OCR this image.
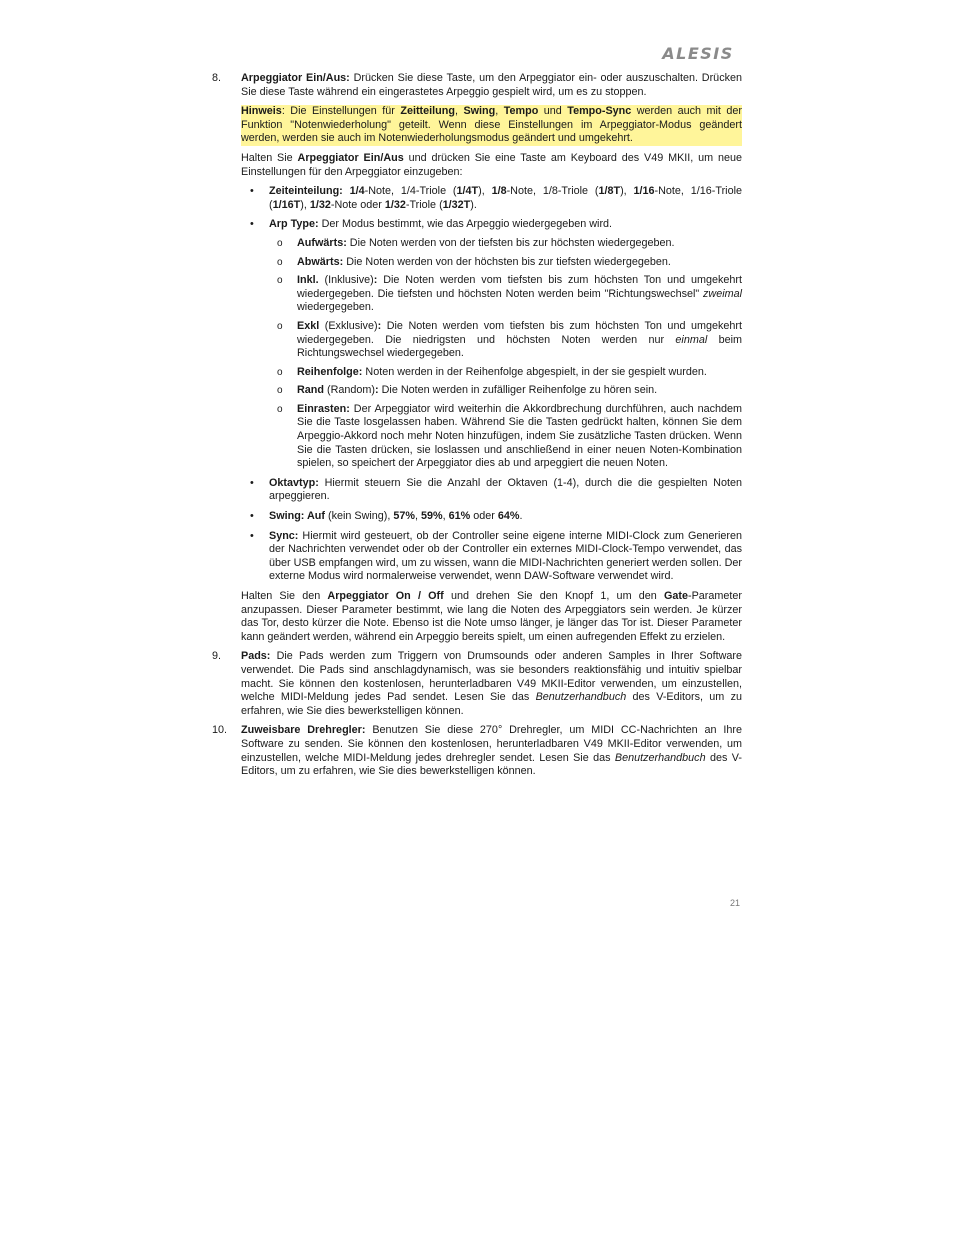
ALESIS
8. Arpeggiator Ein/Aus: Drücken Sie diese Taste, um den Arpeggiator ein- oder auszuschalten. Drücken Sie diese Taste während ein eingerastetes Arpeggio gespielt wird, um es zu stoppen.

Hinweis: Die Einstellungen für Zeitteilung, Swing, Tempo und Tempo-Sync werden auch mit der Funktion "Notenwiederholung" geteilt. Wenn diese Einstellungen im Arpeggiator-Modus geändert werden, werden sie auch im Notenwiederholungsmodus geändert und umgekehrt.

Halten Sie Arpeggiator Ein/Aus und drücken Sie eine Taste am Keyboard des V49 MKII, um neue Einstellungen für den Arpeggiator einzugeben:

• Zeiteinteilung: 1/4-Note, 1/4-Triole (1/4T), 1/8-Note, 1/8-Triole (1/8T), 1/16-Note, 1/16-Triole (1/16T), 1/32-Note oder 1/32-Triole (1/32T).
• Arp Type: Der Modus bestimmt, wie das Arpeggio wiedergegeben wird.
o Aufwärts: Die Noten werden von der tiefsten bis zur höchsten wiedergegeben.
o Abwärts: Die Noten werden von der höchsten bis zur tiefsten wiedergegeben.
o Inkl. (Inklusive): Die Noten werden vom tiefsten bis zum höchsten Ton und umgekehrt wiedergegeben. Die tiefsten und höchsten Noten werden beim "Richtungswechsel" zweimal wiedergegeben.
o Exkl (Exklusive): Die Noten werden vom tiefsten bis zum höchsten Ton und umgekehrt wiedergegeben. Die niedrigsten und höchsten Noten werden nur einmal beim Richtungswechsel wiedergegeben.
o Reihenfolge: Noten werden in der Reihenfolge abgespielt, in der sie gespielt wurden.
o Rand (Random): Die Noten werden in zufälliger Reihenfolge zu hören sein.
o Einrasten: Der Arpeggiator wird weiterhin die Akkordbrechung durchführen, auch nachdem Sie die Taste losgelassen haben. Während Sie die Tasten gedrückt halten, können Sie dem Arpeggio-Akkord noch mehr Noten hinzufügen, indem Sie zusätzliche Tasten drücken. Wenn Sie die Tasten drücken, sie loslassen und anschließend in einer neuen Noten-Kombination spielen, so speichert der Arpeggiator dies ab und arpeggiert die neuen Noten.
• Oktavtyp: Hiermit steuern Sie die Anzahl der Oktaven (1-4), durch die die gespielten Noten arpeggieren.
• Swing: Auf (kein Swing), 57%, 59%, 61% oder 64%.
• Sync: Hiermit wird gesteuert, ob der Controller seine eigene interne MIDI-Clock zum Generieren der Nachrichten verwendet oder ob der Controller ein externes MIDI-Clock-Tempo verwendet, das über USB empfangen wird, um zu wissen, wann die MIDI-Nachrichten generiert werden sollen. Der externe Modus wird normalerweise verwendet, wenn DAW-Software verwendet wird.

Halten Sie den Arpeggiator On / Off und drehen Sie den Knopf 1, um den Gate-Parameter anzupassen. Dieser Parameter bestimmt, wie lang die Noten des Arpeggiators sein werden. Je kürzer das Tor, desto kürzer die Note. Ebenso ist die Note umso länger, je länger das Tor ist. Dieser Parameter kann geändert werden, während ein Arpeggio bereits spielt, um einen aufregenden Effekt zu erzielen.

9. Pads: Die Pads werden zum Triggern von Drumsounds oder anderen Samples in Ihrer Software verwendet. Die Pads sind anschlagdynamisch, was sie besonders reaktionsfähig und intuitiv spielbar macht. Sie können den kostenlosen, herunterladbaren V49 MKII-Editor verwenden, um einzustellen, welche MIDI-Meldung jedes Pad sendet. Lesen Sie das Benutzerhandbuch des V-Editors, um zu erfahren, wie Sie dies bewerkstelligen können.

10. Zuweisbare Drehregler: Benutzen Sie diese 270° Drehregler, um MIDI CC-Nachrichten an Ihre Software zu senden. Sie können den kostenlosen, herunterladbaren V49 MKII-Editor verwenden, um einzustellen, welche MIDI-Meldung jedes drehregler sendet. Lesen Sie das Benutzerhandbuch des V-Editors, um zu erfahren, wie Sie dies bewerkstelligen können.

21
